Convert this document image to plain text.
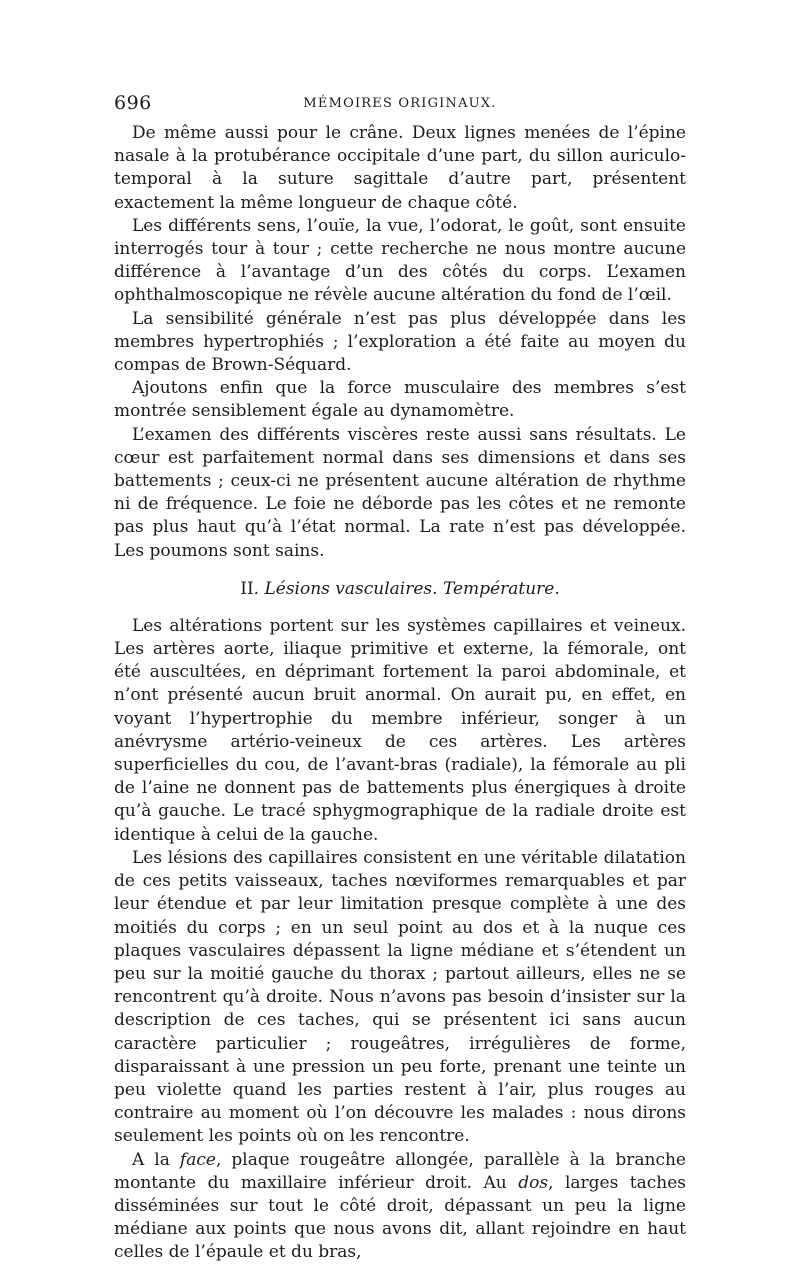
696	MÉMOIRES ORIGINAUX.

De même aussi pour le crâne. Deux lignes menées de l’épine nasale à la protubérance occipitale d’une part, du sillon auriculo-temporal à la suture sagittale d’autre part, présentent exactement la même longueur de chaque côté.

Les différents sens, l’ouïe, la vue, l’odorat, le goût, sont ensuite interrogés tour à tour ; cette recherche ne nous montre aucune différence à l’avantage d’un des côtés du corps. L’examen ophthalmoscopique ne révèle aucune altération du fond de l’œil.

La sensibilité générale n’est pas plus développée dans les membres hypertrophiés ; l’exploration a été faite au moyen du compas de Brown-Séquard.

Ajoutons enfin que la force musculaire des membres s’est montrée sensiblement égale au dynamomètre.

L’examen des différents viscères reste aussi sans résultats. Le cœur est parfaitement normal dans ses dimensions et dans ses battements ; ceux-ci ne présentent aucune altération de rhythme ni de fréquence. Le foie ne déborde pas les côtes et ne remonte pas plus haut qu’à l’état normal. La rate n’est pas développée. Les poumons sont sains.

II. Lésions vasculaires. Température.

Les altérations portent sur les systèmes capillaires et veineux. Les artères aorte, iliaque primitive et externe, la fémorale, ont été auscultées, en déprimant fortement la paroi abdominale, et n’ont présenté aucun bruit anormal. On aurait pu, en effet, en voyant l’hypertrophie du membre inférieur, songer à un anévrysme artério-veineux de ces artères. Les artères superficielles du cou, de l’avant-bras (radiale), la fémorale au pli de l’aine ne donnent pas de battements plus énergiques à droite qu’à gauche. Le tracé sphygmographique de la radiale droite est identique à celui de la gauche.

Les lésions des capillaires consistent en une véritable dilatation de ces petits vaisseaux, taches nœviformes remarquables et par leur étendue et par leur limitation presque complète à une des moitiés du corps ; en un seul point au dos et à la nuque ces plaques vasculaires dépassent la ligne médiane et s’étendent un peu sur la moitié gauche du thorax ; partout ailleurs, elles ne se rencontrent qu’à droite. Nous n’avons pas besoin d’insister sur la description de ces taches, qui se présentent ici sans aucun caractère particulier ; rougeâtres, irrégulières de forme, disparaissant à une pression un peu forte, prenant une teinte un peu violette quand les parties restent à l’air, plus rouges au contraire au moment où l’on découvre les malades : nous dirons seulement les points où on les rencontre.

A la face, plaque rougeâtre allongée, parallèle à la branche montante du maxillaire inférieur droit. Au dos, larges taches disséminées sur tout le côté droit, dépassant un peu la ligne médiane aux points que nous avons dit, allant rejoindre en haut celles de l’épaule et du bras,
